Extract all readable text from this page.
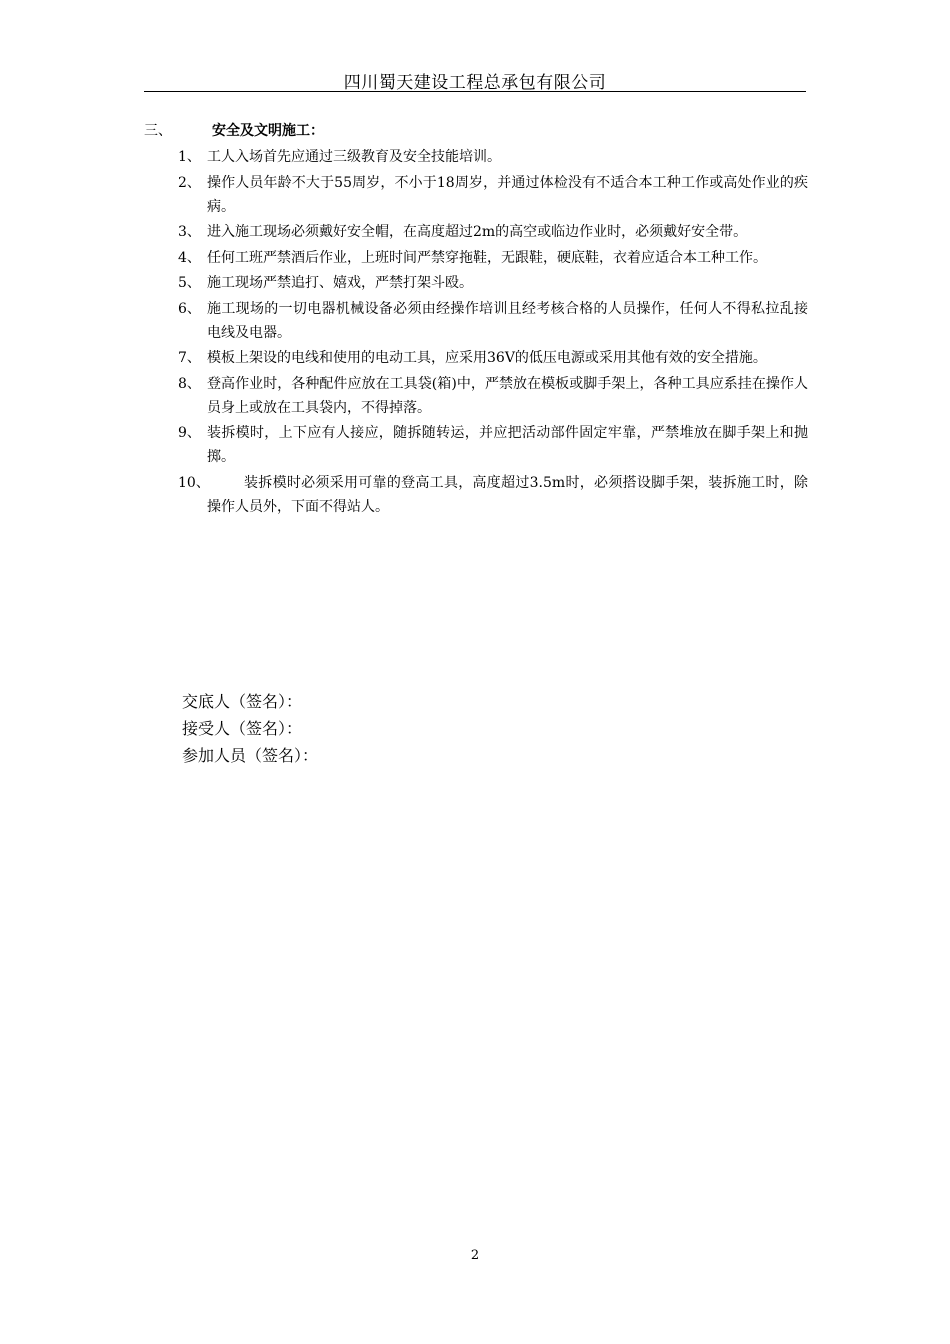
四川蜀天建设工程总承包有限公司
三、	安全及文明施工：
1、 工人入场首先应通过三级教育及安全技能培训。
2、 操作人员年龄不大于55周岁，不小于18周岁，并通过体检没有不适合本工种工作或高处作业的疾病。
3、 进入施工现场必须戴好安全帽，在高度超过2m的高空或临边作业时，必须戴好安全带。
4、 任何工班严禁酒后作业，上班时间严禁穿拖鞋，无跟鞋，硬底鞋，衣着应适合本工种工作。
5、 施工现场严禁追打、嬉戏，严禁打架斗殴。
6、 施工现场的一切电器机械设备必须由经操作培训且经考核合格的人员操作，任何人不得私拉乱接电线及电器。
7、 模板上架设的电线和使用的电动工具，应采用36V的低压电源或采用其他有效的安全措施。
8、 登高作业时，各种配件应放在工具袋(箱)中，严禁放在模板或脚手架上，各种工具应系挂在操作人员身上或放在工具袋内，不得掉落。
9、 装拆模时，上下应有人接应，随拆随转运，并应把活动部件固定牢靠，严禁堆放在脚手架上和抛掷。
10、	装拆模时必须采用可靠的登高工具，高度超过3.5m时，必须搭设脚手架，装拆施工时，除操作人员外，下面不得站人。
交底人（签名）：
接受人（签名）：
参加人员（签名）：
2
